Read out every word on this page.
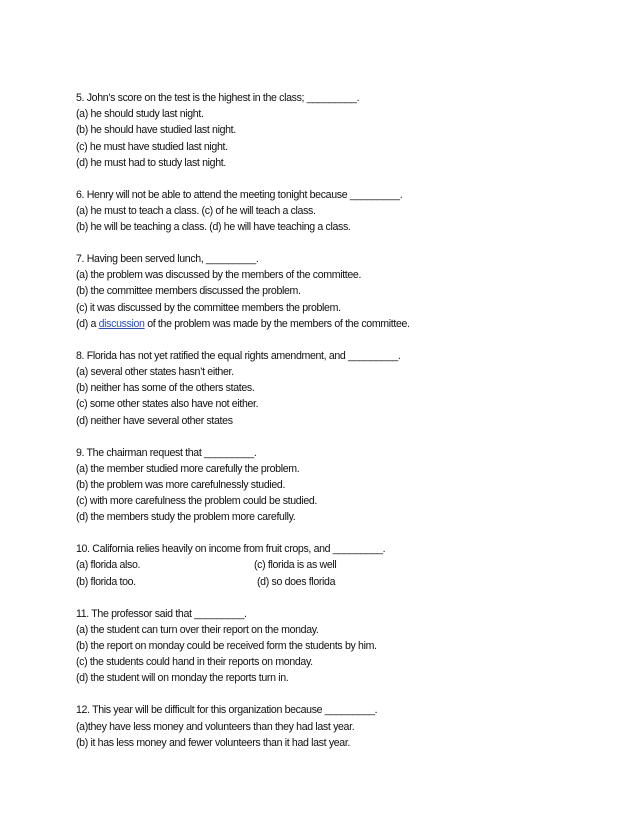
5. John’s score on the test is the highest in the class; _________.
(a) he should study last night.
(b) he should have studied last night.
(c) he must have studied last night.
(d) he must had to study last night.
6. Henry will not be able to attend the meeting tonight because _________.
(a) he must to teach a class. (c) of he will teach a class.
(b) he will be teaching a class. (d) he will have teaching a class.
7. Having been served lunch, _________.
(a) the problem was discussed by the members of the committee.
(b) the committee members discussed the problem.
(c) it was discussed by the committee members the problem.
(d) a discussion of the problem was made by the members of the committee.
8. Florida has not yet ratified the equal rights amendment, and _________.
(a) several other states hasn’t either.
(b) neither has some of the others states.
(c) some other states also have not either.
(d) neither have several other states
9. The chairman request that _________.
(a) the member studied more carefully the problem.
(b) the problem was more carefulnessly studied.
(c) with more carefulness the problem could be studied.
(d) the members study the problem more carefully.
10. California relies heavily on income from fruit crops, and _________.
(a) florida also.	(c) florida is as well
(b) florida too.	(d) so does florida
11. The professor said that _________.
(a) the student can turn over their report on the monday.
(b) the report on monday could be received form the students by him.
(c) the students could hand in their reports on monday.
(d) the student will on monday the reports turn in.
12. This year will be difficult for this organization because _________.
(a)they have less money and volunteers than they had last year.
(b) it has less money and fewer volunteers than it had last year.
